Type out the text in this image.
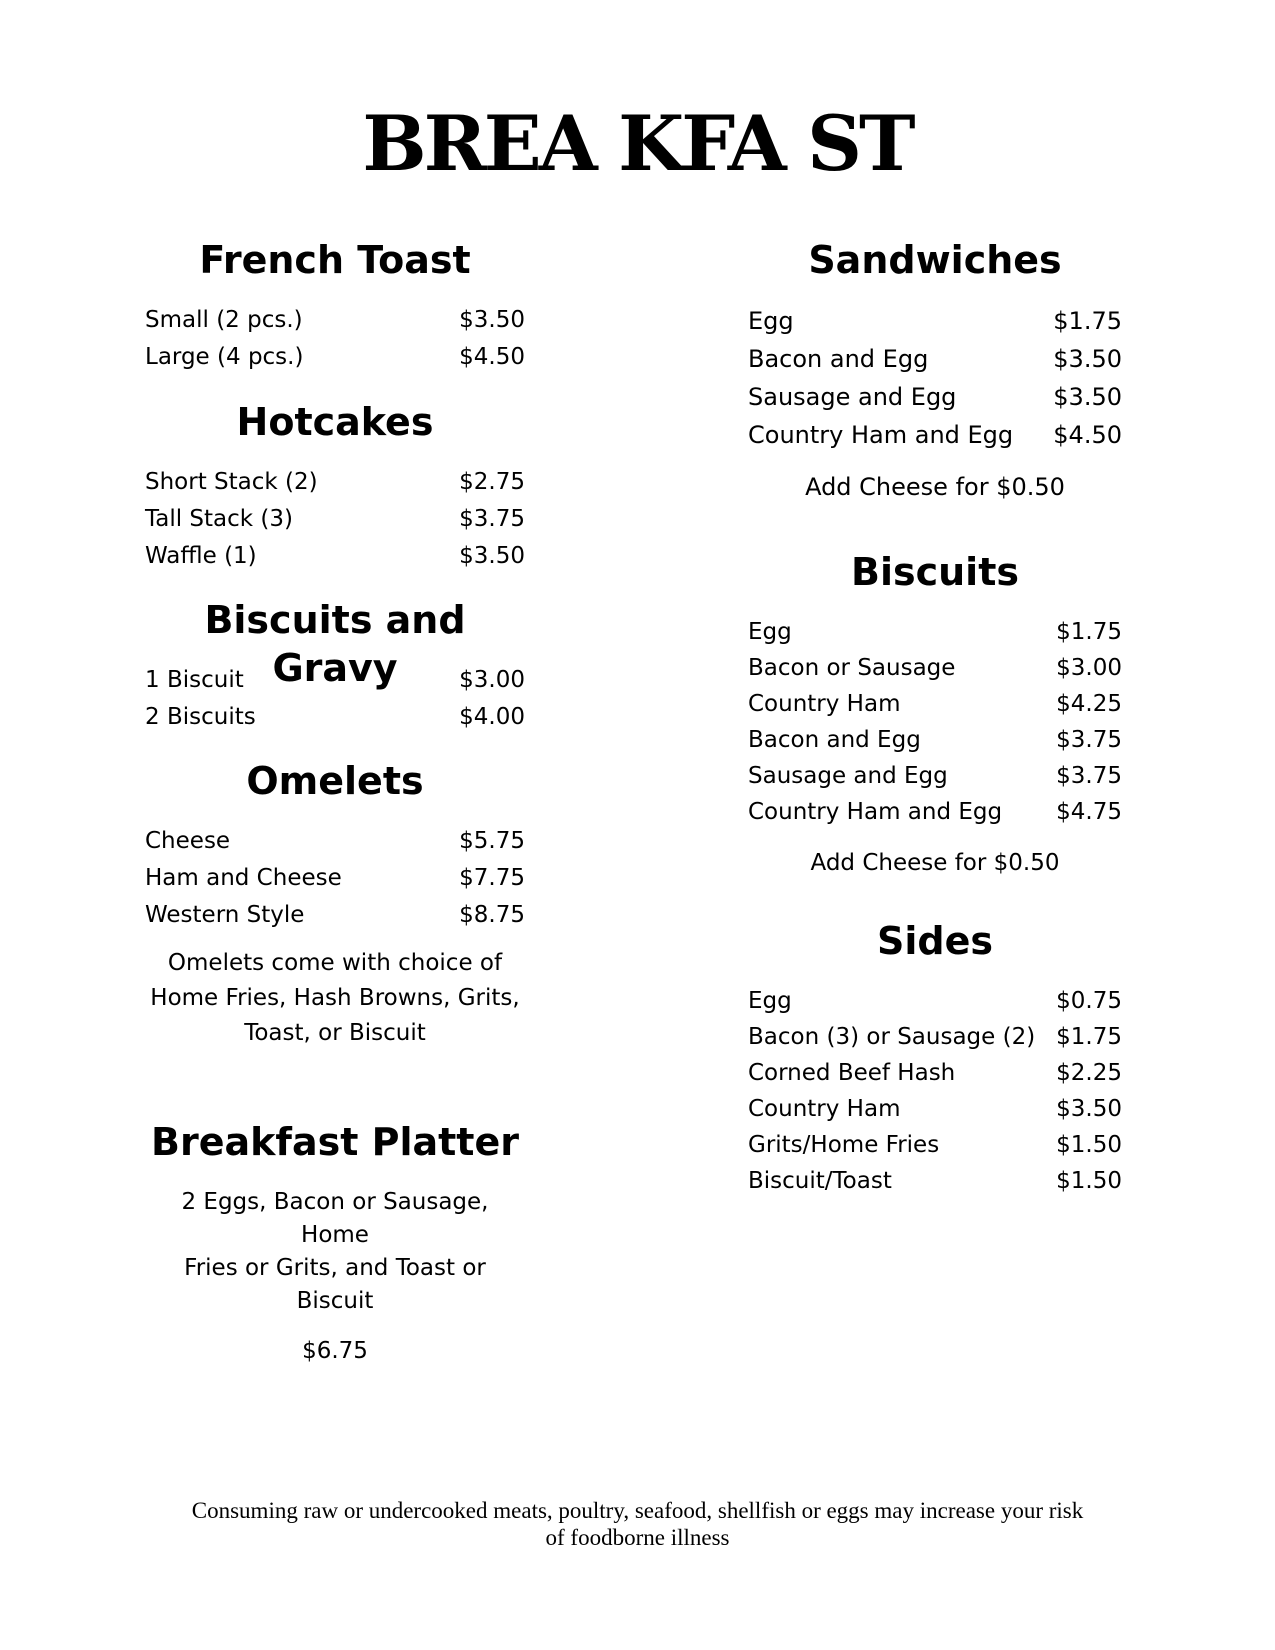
BREA KFA ST
French Toast
Small (2 pcs.)	$3.50
Large (4 pcs.)	$4.50
Hotcakes
Short Stack (2)	$2.75
Tall Stack (3)	$3.75
Waffle (1)	$3.50
Biscuits and Gravy
1 Biscuit	$3.00
2 Biscuits	$4.00
Omelets
Cheese	$5.75
Ham and Cheese	$7.75
Western Style	$8.75

Omelets come with choice of

Home Fries, Hash Browns, Grits,

Toast, or Biscuit

Breakfast Platter

2 Eggs, Bacon or Sausage, Home

Fries or Grits, and Toast or Biscuit

$6.75

Sandwiches
Egg	$1.75
Bacon and Egg	$3.50
Sausage and Egg	$3.50
Country Ham and Egg $4.50

Add Cheese for $0.50

Biscuits
Egg	$1.75
Bacon or Sausage	$3.00
Country Ham	$4.25
Bacon and Egg	$3.75
Sausage and Egg	$3.75
Country Ham and Egg $4.75

Add Cheese for $0.50

Sides
Egg	$0.75
Bacon (3) or Sausage (2) $1.75
Corned Beef Hash	$2.25
Country Ham	$3.50
Grits/Home Fries	$1.50
Biscuit/Toast	$1.50
Consuming raw or undercooked meats, poultry, seafood, shellfish or eggs may increase your risk
of foodborne illness
